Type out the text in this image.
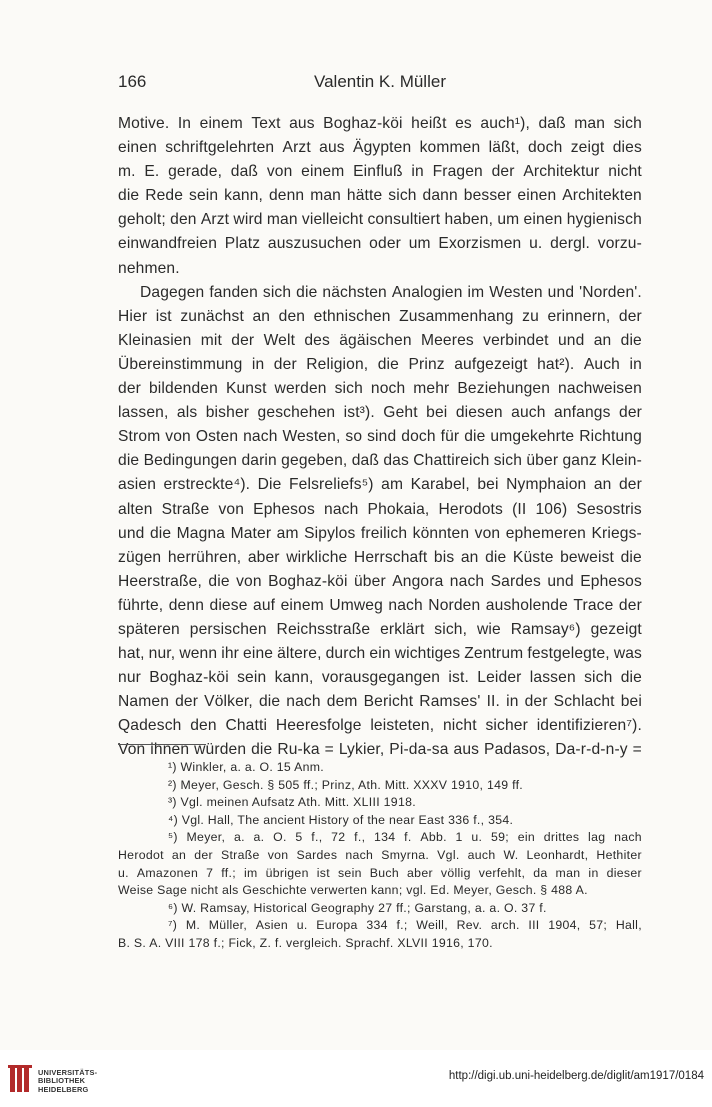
166	Valentin K. Müller
Motive. In einem Text aus Boghaz-köi heißt es auch¹), daß man sich
einen schriftgelehrten Arzt aus Ägypten kommen läßt, doch zeigt dies
m. E. gerade, daß von einem Einfluß in Fragen der Architektur nicht
die Rede sein kann, denn man hätte sich dann besser einen Architekten
geholt; den Arzt wird man vielleicht consultiert haben, um einen hygienisch
einwandfreien Platz auszusuchen oder um Exorzismen u. dergl. vorzu-
nehmen.
Dagegen fanden sich die nächsten Analogien im Westen und 'Norden'.
Hier ist zunächst an den ethnischen Zusammenhang zu erinnern, der
Kleinasien mit der Welt des ägäischen Meeres verbindet und an die
Übereinstimmung in der Religion, die Prinz aufgezeigt hat²). Auch in
der bildenden Kunst werden sich noch mehr Beziehungen nachweisen
lassen, als bisher geschehen ist³). Geht bei diesen auch anfangs der
Strom von Osten nach Westen, so sind doch für die umgekehrte Richtung
die Bedingungen darin gegeben, daß das Chattireich sich über ganz Klein-
asien erstreckte⁴). Die Felsreliefs⁵) am Karabel, bei Nymphaion an der
alten Straße von Ephesos nach Phokaia, Herodots (II 106) Sesostris
und die Magna Mater am Sipylos freilich könnten von ephemeren Kriegs-
zügen herrühren, aber wirkliche Herrschaft bis an die Küste beweist die
Heerstraße, die von Boghaz-köi über Angora nach Sardes und Ephesos
führte, denn diese auf einem Umweg nach Norden ausholende Trace der
späteren persischen Reichsstraße erklärt sich, wie Ramsay⁶) gezeigt
hat, nur, wenn ihr eine ältere, durch ein wichtiges Zentrum festgelegte, was
nur Boghaz-köi sein kann, vorausgegangen ist. Leider lassen sich die
Namen der Völker, die nach dem Bericht Ramses' II. in der Schlacht bei
Qadesch den Chatti Heeresfolge leisteten, nicht sicher identifizieren⁷).
Von ihnen würden die Ru-ka = Lykier, Pi-da-sa aus Padasos, Da-r-d-n-y =
¹) Winkler, a. a. O. 15 Anm.
²) Meyer, Gesch. § 505 ff.; Prinz, Ath. Mitt. XXXV 1910, 149 ff.
³) Vgl. meinen Aufsatz Ath. Mitt. XLIII 1918.
⁴) Vgl. Hall, The ancient History of the near East 336 f., 354.
⁵) Meyer, a. a. O. 5 f., 72 f., 134 f. Abb. 1 u. 59; ein drittes lag nach
Herodot an der Straße von Sardes nach Smyrna. Vgl. auch W. Leonhardt, Hethiter
u. Amazonen 7 ff.; im übrigen ist sein Buch aber völlig verfehlt, da man in dieser
Weise Sage nicht als Geschichte verwerten kann; vgl. Ed. Meyer, Gesch. § 488 A.
⁶) W. Ramsay, Historical Geography 27 ff.; Garstang, a. a. O. 37 f.
⁷) M. Müller, Asien u. Europa 334 f.; Weill, Rev. arch. III 1904, 57; Hall,
B. S. A. VIII 178 f.; Fick, Z. f. vergleich. Sprachf. XLVII 1916, 170.
UNIVERSITÄTS-
BIBLIOTHEK
HEIDELBERG
http://digi.ub.uni-heidelberg.de/diglit/am1917/0184
